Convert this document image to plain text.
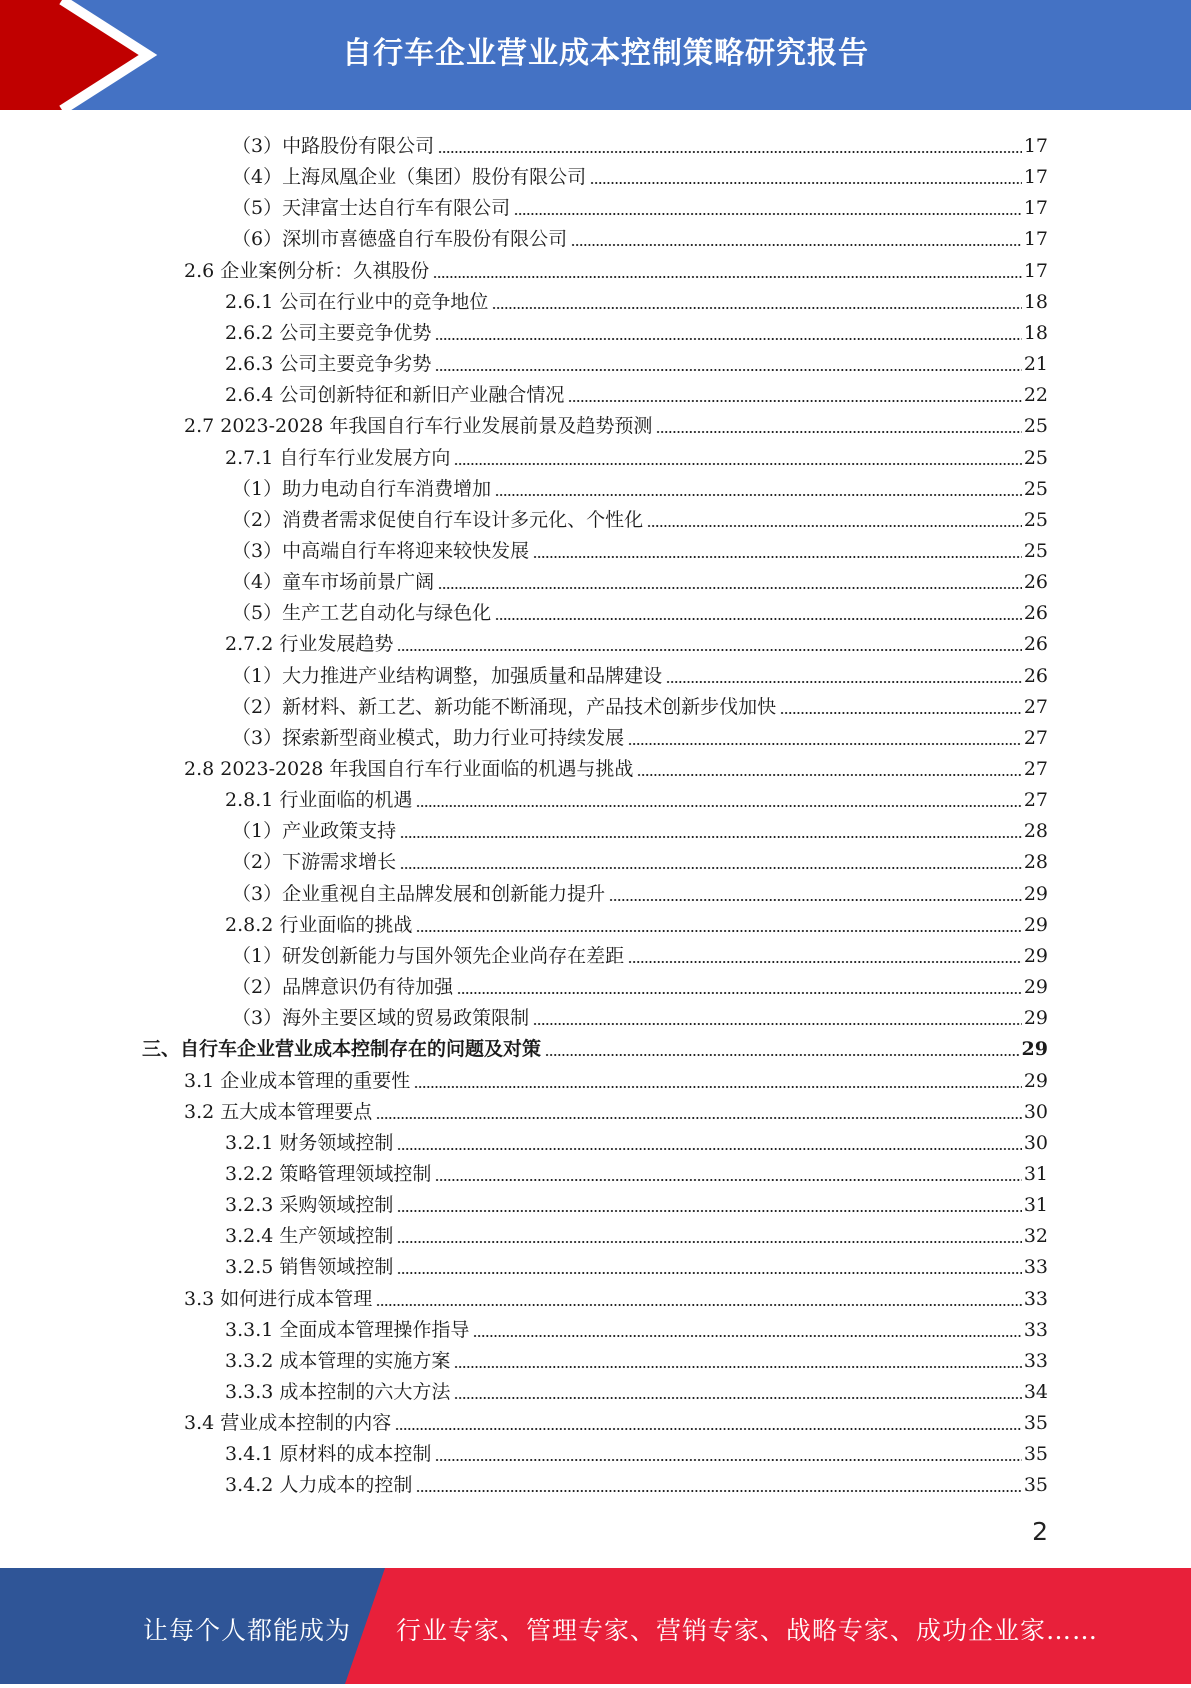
自行车企业营业成本控制策略研究报告
（3）中路股份有限公司	17
（4）上海凤凰企业（集团）股份有限公司	17
（5）天津富士达自行车有限公司	17
（6）深圳市喜德盛自行车股份有限公司	17
2.6 企业案例分析：久祺股份	17
2.6.1 公司在行业中的竞争地位	18
2.6.2 公司主要竞争优势	18
2.6.3 公司主要竞争劣势	21
2.6.4 公司创新特征和新旧产业融合情况	22
2.7 2023-2028 年我国自行车行业发展前景及趋势预测	25
2.7.1 自行车行业发展方向	25
（1）助力电动自行车消费增加	25
（2）消费者需求促使自行车设计多元化、个性化	25
（3）中高端自行车将迎来较快发展	25
（4）童车市场前景广阔	26
（5）生产工艺自动化与绿色化	26
2.7.2 行业发展趋势	26
（1）大力推进产业结构调整，加强质量和品牌建设	26
（2）新材料、新工艺、新功能不断涌现，产品技术创新步伐加快	27
（3）探索新型商业模式，助力行业可持续发展	27
2.8 2023-2028 年我国自行车行业面临的机遇与挑战	27
2.8.1 行业面临的机遇	27
（1）产业政策支持	28
（2）下游需求增长	28
（3）企业重视自主品牌发展和创新能力提升	29
2.8.2 行业面临的挑战	29
（1）研发创新能力与国外领先企业尚存在差距	29
（2）品牌意识仍有待加强	29
（3）海外主要区域的贸易政策限制	29
三、自行车企业营业成本控制存在的问题及对策	29
3.1 企业成本管理的重要性	29
3.2 五大成本管理要点	30
3.2.1 财务领域控制	30
3.2.2 策略管理领域控制	31
3.2.3 采购领域控制	31
3.2.4 生产领域控制	32
3.2.5 销售领域控制	33
3.3 如何进行成本管理	33
3.3.1 全面成本管理操作指导	33
3.3.2 成本管理的实施方案	33
3.3.3 成本控制的六大方法	34
3.4 营业成本控制的内容	35
3.4.1 原材料的成本控制	35
3.4.2 人力成本的控制	35
2
让每个人都能成为 行业专家、管理专家、营销专家、战略专家、成功企业家……
